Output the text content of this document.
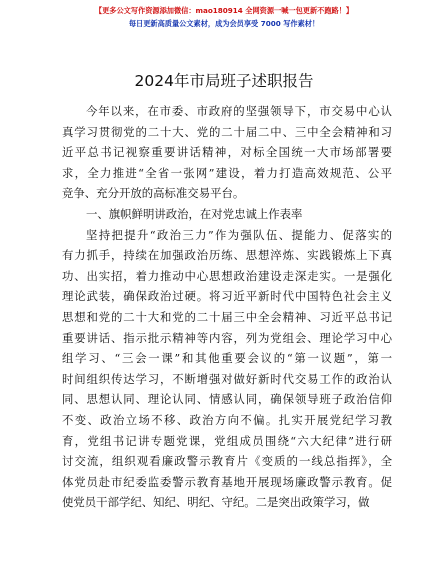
【更多公文写作资源添加微信：mao180914 全网资源一喊一包更新不跑路！】
每日更新高质量公文素材，成为会员享受 7000 写作素材！
2024年市局班子述职报告
今年以来，在市委、市政府的坚强领导下，市交易中心认
真学习贯彻党的二十大、党的二十届二中、三中全会精神和习
近平总书记视察重要讲话精神，对标全国统一大市场部署要
求，全力推进“全省一张网”建设，着力打造高效规范、公平
竞争、充分开放的高标准交易平台。
一、旗帜鲜明讲政治，在对党忠诚上作表率
坚持把提升“政治三力”作为强队伍、提能力、促落实的
有力抓手，持续在加强政治历练、思想淬炼、实践锻炼上下真
功、出实招，着力推动中心思想政治建设走深走实。一是强化
理论武装，确保政治过硬。将习近平新时代中国特色社会主义
思想和党的二十大和党的二十届三中全会精神、习近平总书记
重要讲话、指示批示精神等内容，列为党组会、理论学习中心
组学习、“三会一课”和其他重要会议的“第一议题”，第一
时间组织传达学习，不断增强对做好新时代交易工作的政治认
同、思想认同、理论认同、情感认同，确保领导班子政治信仰
不变、政治立场不移、政治方向不偏。扎实开展党纪学习教
育，党组书记讲专题党课，党组成员围绕“六大纪律”进行研
讨交流，组织观看廉政警示教育片《变质的一线总指挥》，全
体党员赴市纪委监委警示教育基地开展现场廉政警示教育。促
使党员干部学纪、知纪、明纪、守纪。二是突出政策学习，做
